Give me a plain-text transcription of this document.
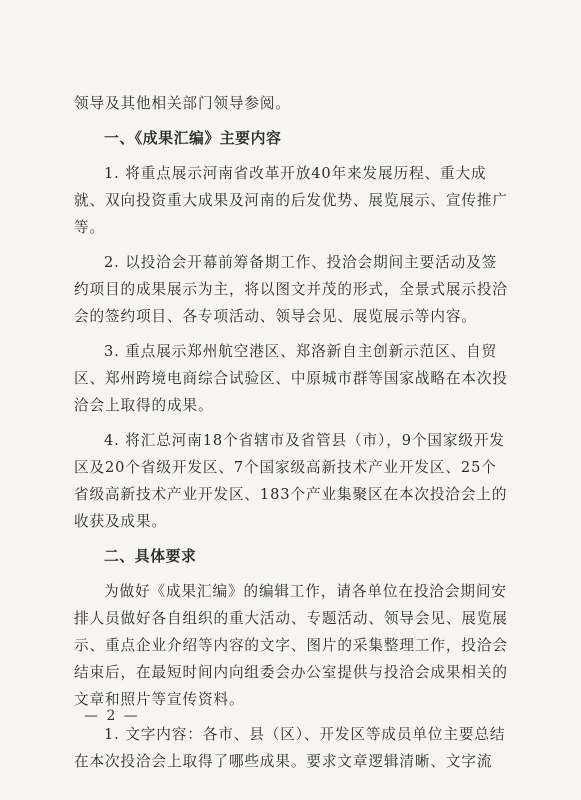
领导及其他相关部门领导参阅。

一、《成果汇编》主要内容

1. 将重点展示河南省改革开放40年来发展历程、重大成就、双向投资重大成果及河南的后发优势、展览展示、宣传推广等。

2. 以投洽会开幕前筹备期工作、投洽会期间主要活动及签约项目的成果展示为主，将以图文并茂的形式，全景式展示投洽会的签约项目、各专项活动、领导会见、展览展示等内容。

3. 重点展示郑州航空港区、郑洛新自主创新示范区、自贸区、郑州跨境电商综合试验区、中原城市群等国家战略在本次投洽会上取得的成果。

4. 将汇总河南18个省辖市及省管县（市），9个国家级开发区及20个省级开发区、7个国家级高新技术产业开发区、25个省级高新技术产业开发区、183个产业集聚区在本次投洽会上的收获及成果。

二、具体要求

为做好《成果汇编》的编辑工作，请各单位在投洽会期间安排人员做好各自组织的重大活动、专题活动、领导会见、展览展示、重点企业介绍等内容的文字、图片的采集整理工作，投洽会结束后，在最短时间内向组委会办公室提供与投洽会成果相关的文章和照片等宣传资料。

1. 文字内容：各市、县（区）、开发区等成员单位主要总结在本次投洽会上取得了哪些成果。要求文章逻辑清晰、文字流

— 2 —
